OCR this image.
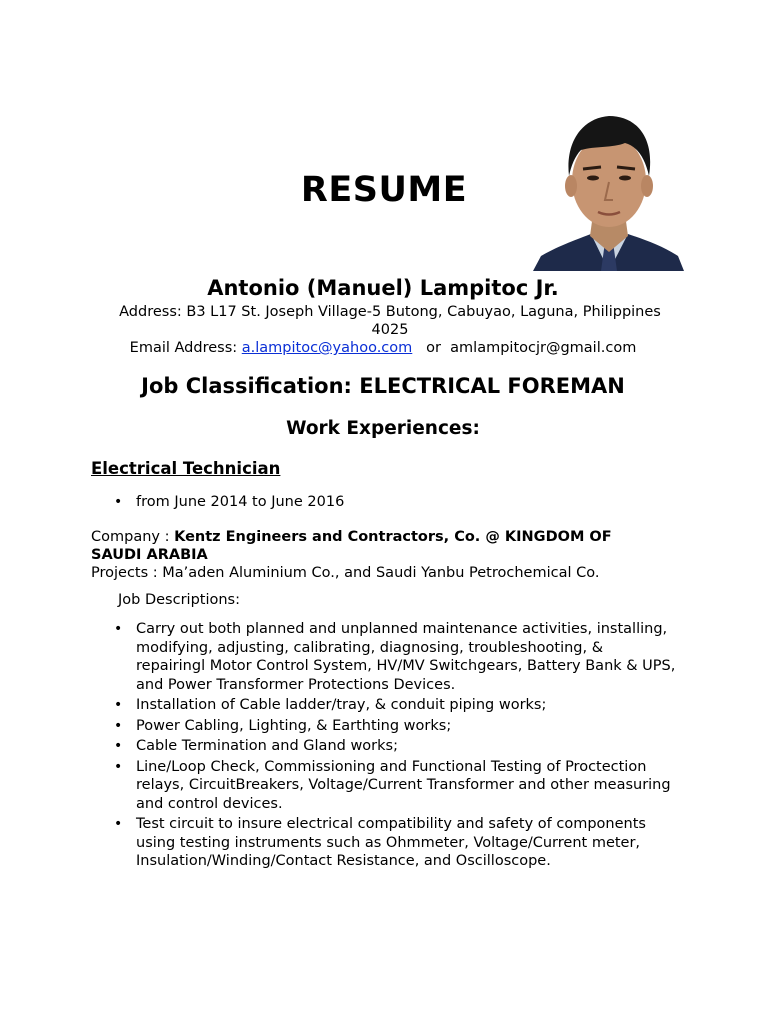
RESUME
Antonio (Manuel) Lampitoc Jr.
Address: B3 L17 St. Joseph Village-5 Butong, Cabuyao, Laguna, Philippines 4025
Email Address: a.lampitoc@yahoo.com   or  amlampitocjr@gmail.com
Job Classification: ELECTRICAL FOREMAN
Work Experiences:
Electrical Technician
• from June 2014 to June 2016
Company : Kentz Engineers and Contractors, Co. @ KINGDOM OF SAUDI ARABIA
Projects : Ma’aden Aluminium Co., and Saudi Yanbu Petrochemical Co.
Job Descriptions:
• Carry out both planned and unplanned maintenance activities, installing, modifying, adjusting, calibrating, diagnosing, troubleshooting, & repairingl Motor Control System, HV/MV Switchgears, Battery Bank & UPS, and Power Transformer Protections Devices.
• Installation of Cable ladder/tray, & conduit piping works;
• Power Cabling, Lighting, & Earthting works;
• Cable Termination and Gland works;
• Line/Loop Check, Commissioning and Functional Testing of Proctection relays, CircuitBreakers, Voltage/Current Transformer and other measuring and control devices.
• Test circuit to insure electrical compatibility and safety of components using testing instruments such as Ohmmeter, Voltage/Current meter, Insulation/Winding/Contact Resistance, and Oscilloscope.
